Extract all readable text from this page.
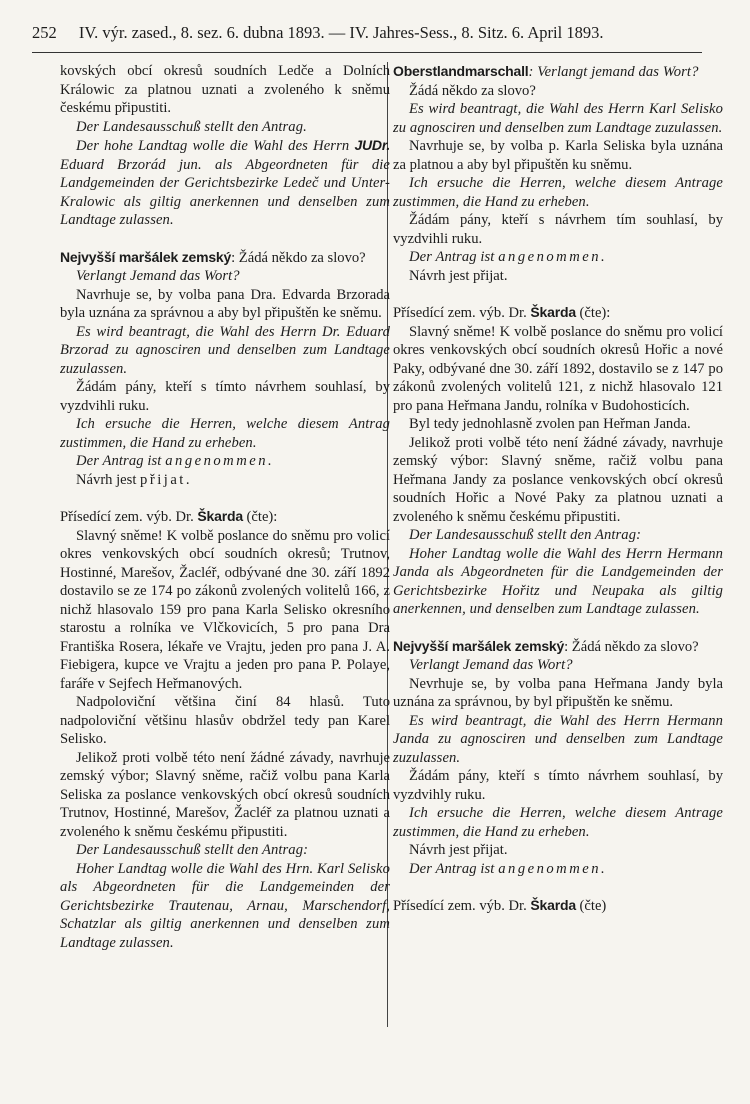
252 IV. výr. zased., 8. sez. 6. dubna 1893. — IV. Jahres-Sess., 8. Sitz. 6. April 1893.

kovských obcí okresů soudních Ledče a Dolních Králowic za platnou uznati a zvoleného k sněmu českému připustiti.

Der Landesausschuß stellt den Antrag.

Der hohe Landtag wolle die Wahl des Herrn JUDr. Eduard Brzorád jun. als Abgeordneten für die Landgemeinden der Gerichtsbezirke Ledeč und Unter-Kralowic als giltig anerkennen und denselben zum Landtage zulassen.

Nejvyšší maršálek zemský: Žádá někdo za slovo?

Verlangt Jemand das Wort?

Navrhuje se, by volba pana Dra. Edvarda Brzorada byla uznána za správnou a aby byl připuštěn ke sněmu.

Es wird beantragt, die Wahl des Herrn Dr. Eduard Brzorad zu agnosciren und denselben zum Landtage zuzulassen.

Žádám pány, kteří s tímto návrhem souhlasí, by vyzdvihli ruku.

Ich ersuche die Herren, welche diesem Antrag zustimmen, die Hand zu erheben.

Der Antrag ist angenommen.

Návrh jest přijat.

Přísedící zem. výb. Dr. Škarda (čte):

Slavný sněme! K volbě poslance do sněmu pro volicí okres venkovských obcí soudních okresů; Trutnov, Hostinné, Marešov, Žacléř, odbývané dne 30. září 1892 dostavilo se ze 174 po zákonů zvolených volitelů 166, z nichž hlasovalo 159 pro pana Karla Selisko okresního starostu a rolníka ve Vlčkovicích, 5 pro pana Dra Františka Rosera, lékaře ve Vrajtu, jeden pro pana J. A. Fiebigera, kupce ve Vrajtu a jeden pro pana P. Polaye, faráře v Sejfech Heřmanových.

Nadpoloviční většina činí 84 hlasů. Tuto nadpoloviční většinu hlasův obdržel tedy pan Karel Selisko.

Jelikož proti volbě této není žádné závady, navrhuje zemský výbor; Slavný sněme, račiž volbu pana Karla Seliska za poslance venkovských obcí okresů soudních Trutnov, Hostinné, Marešov, Žacléř za platnou uznati a zvoleného k sněmu českému připustiti.

Der Landesausschuß stellt den Antrag:

Hoher Landtag wolle die Wahl des Hrn. Karl Selisko als Abgeordneten für die Landgemeinden der Gerichtsbezirke Trautenau, Arnau, Marschendorf, Schatzlar als giltig anerkennen und denselben zum Landtage zulassen.

Oberstlandmarschall: Verlangt jemand das Wort?

Žádá někdo za slovo?

Es wird beantragt, die Wahl des Herrn Karl Selisko zu agnosciren und denselben zum Landtage zuzulassen.

Navrhuje se, by volba p. Karla Seliska byla uznána za platnou a aby byl připuštěn ku sněmu.

Ich ersuche die Herren, welche diesem Antrage zustimmen, die Hand zu erheben.

Žádám pány, kteří s návrhem tím souhlasí, by vyzdvihli ruku.

Der Antrag ist angenommen.

Návrh jest přijat.

Přísedící zem. výb. Dr. Škarda (čte):

Slavný sněme! K volbě poslance do sněmu pro volicí okres venkovských obcí soudních okresů Hořic a nové Paky, odbývané dne 30. září 1892, dostavilo se z 147 po zákonů zvolených volitelů 121, z nichž hlasovalo 121 pro pana Heřmana Jandu, rolníka v Budohosticích.

Byl tedy jednohlasně zvolen pan Heřman Janda.

Jelikož proti volbě této není žádné závady, navrhuje zemský výbor: Slavný sněme, račiž volbu pana Heřmana Jandy za poslance venkovských obcí okresů soudních Hořic a Nové Paky za platnou uznati a zvoleného k sněmu českému připustiti.

Der Landesausschuß stellt den Antrag:

Hoher Landtag wolle die Wahl des Herrn Hermann Janda als Abgeordneten für die Landgemeinden der Gerichtsbezirke Hořitz und Neupaka als giltig anerkennen, und denselben zum Landtage zulassen.

Nejvyšší maršálek zemský: Žádá někdo za slovo?

Verlangt Jemand das Wort?

Nevrhuje se, by volba pana Heřmana Jandy byla uznána za správnou, by byl připuštěn ke sněmu.

Es wird beantragt, die Wahl des Herrn Hermann Janda zu agnosciren und denselben zum Landtage zuzulassen.

Žádám pány, kteří s tímto návrhem souhlasí, by vyzdvihly ruku.

Ich ersuche die Herren, welche diesem Antrage zustimmen, die Hand zu erheben.

Návrh jest přijat.

Der Antrag ist angenommen.

Přísedící zem. výb. Dr. Škarda (čte)
